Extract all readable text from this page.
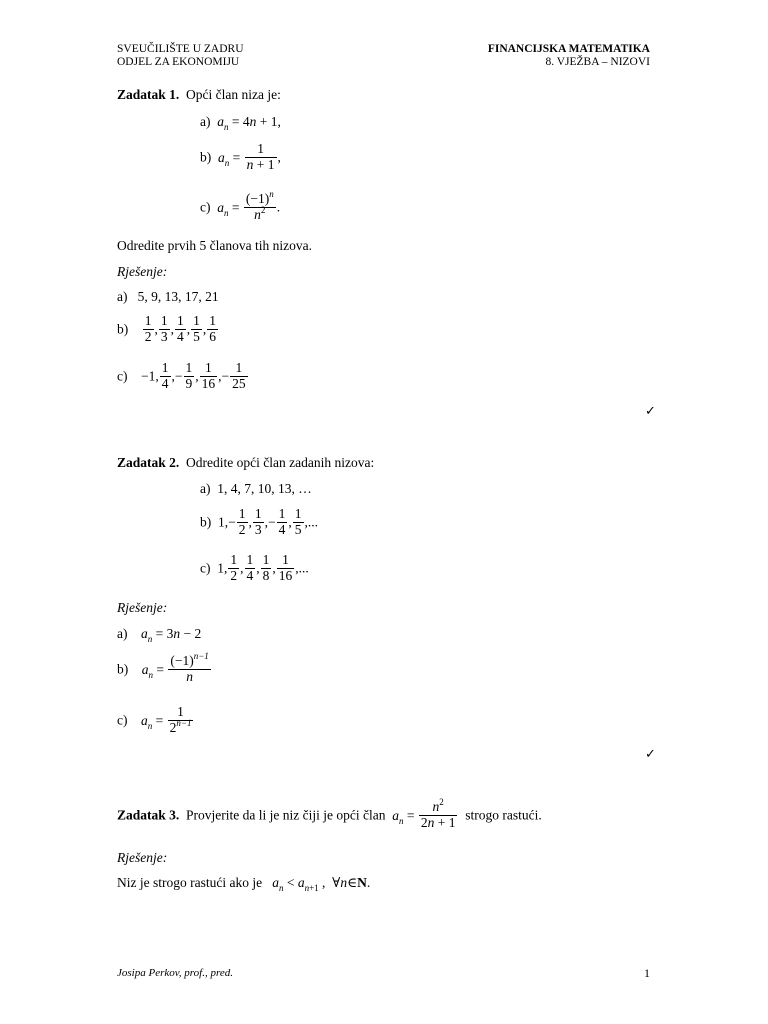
SVEUČILIŠTE U ZADRU
ODJEL ZA EKONOMIJU
FINANCIJSKA MATEMATIKA
8. VJEŽBA – NIZOVI
Zadatak 1. Opći član niza je:
a) $a_n = 4n + 1$,
b) $a_n = \frac{1}{n + 1}$ ,
c) $a_n = \frac{(-1)^n}{n^2}$ .
Odredite prvih 5 članova tih nizova.
Rješenje:
a) 5, 9, 13, 17, 21
$b) \frac{1}{2}$ , $\frac{1}{3}$ , $\frac{1}{4}$ , $\frac{1}{5}$ , $\frac{1}{6}$
c) −1, $\frac{1}{4}$ ,− $\frac{1}{9}$ , $\frac{1}{16}$ ,− $\frac{1}{25}$
✓
Zadatak 2. Odredite opći član zadanih nizova:
a) 1, 4, 7, 10, 13, …
b) $1,- \frac{1}{2}$ , $\frac{1}{3}$ ,− $\frac{1}{4}$ , $\frac{1}{5}$ ,...
c) 1, $\frac{1}{2}$ , $\frac{1}{4}$ , $\frac{1}{8}$ , $\frac{1}{16}$ ,...
Rješenje:
a) $a_n = 3n - 2$
b) $a_n = \frac{(-1)^{n-1}}{n}$
c) $a_n = \frac{1}{2^{n-1}}$
✓
Zadatak 3. Provjerite da li je niz čiji je opći član $a_n = \frac{n^2}{2n + 1}$ strogo rastući.
Rješenje:
Niz je strogo rastući ako je $a_n < a_{n+1}$ ,  ∀n∈N.
Josipa Perkov, prof., pred.	1
